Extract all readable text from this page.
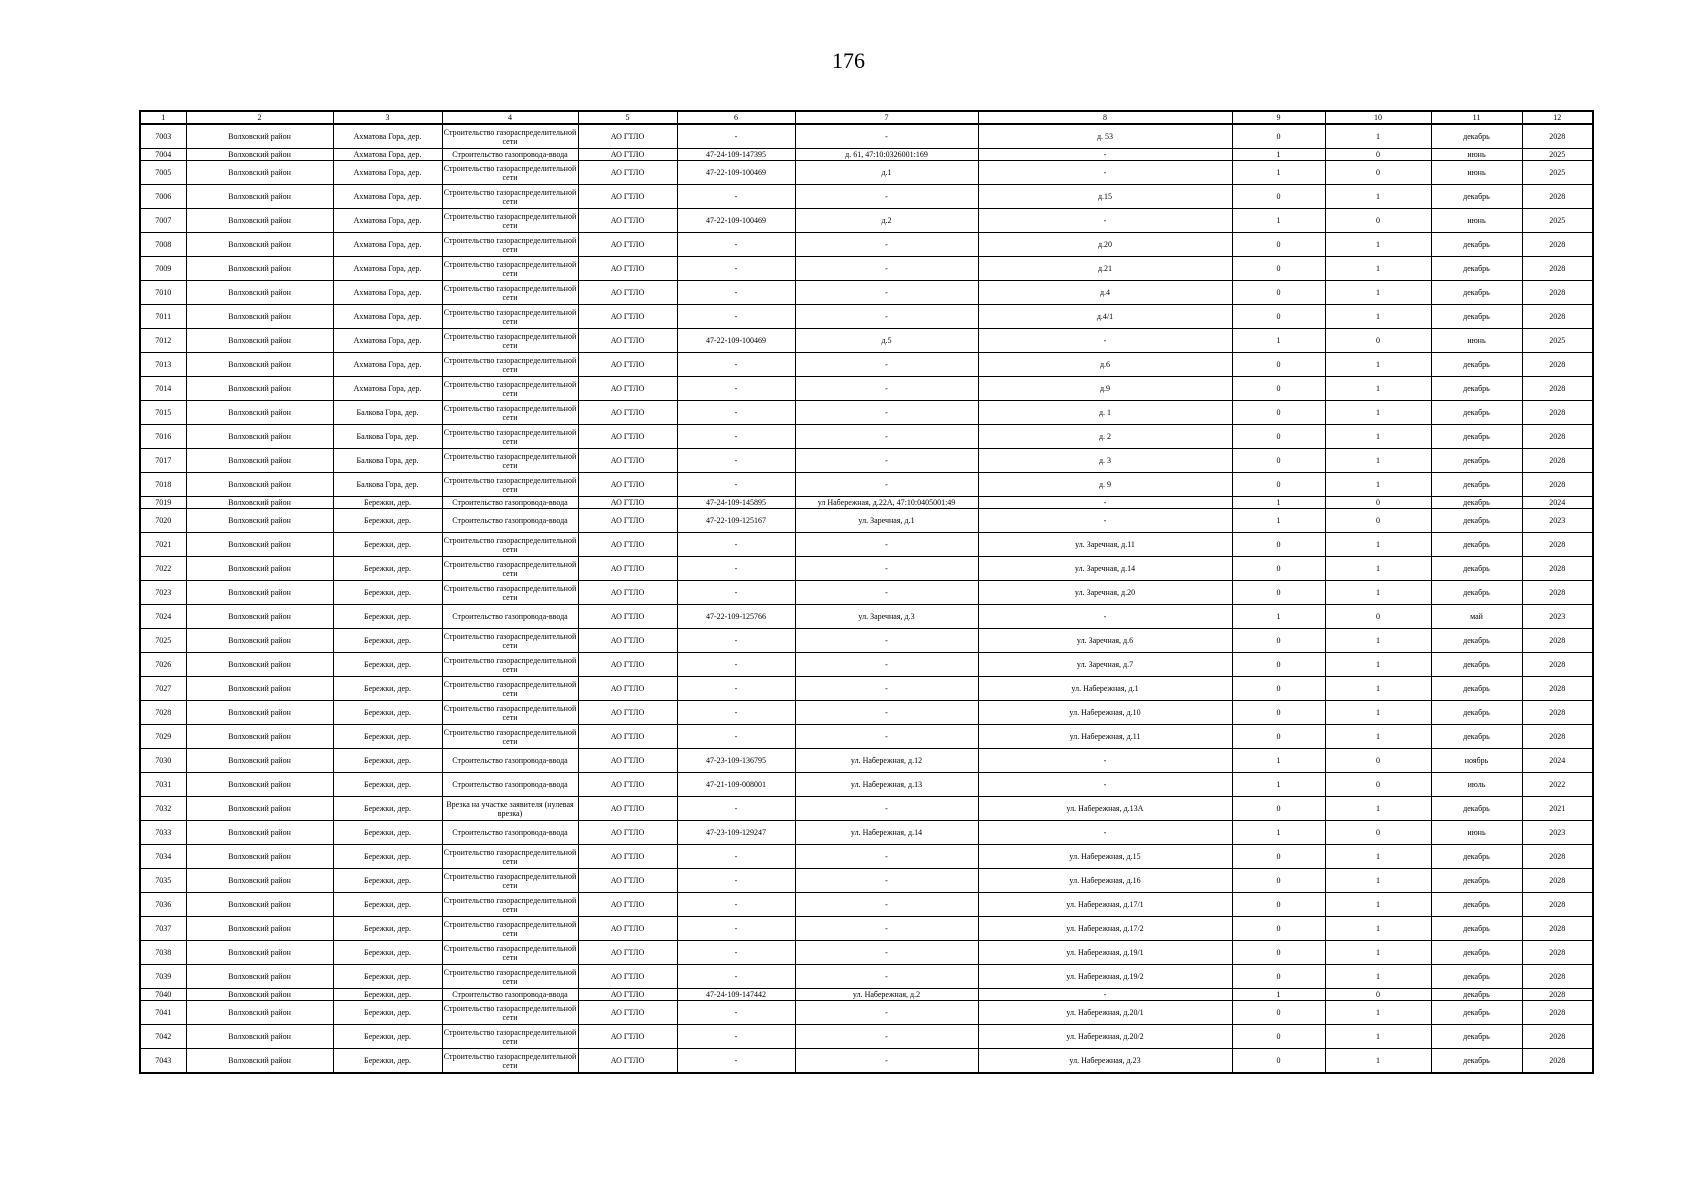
176
1	2	3	4	5	6	7	8	9	10	11	12
7003	Волховский район	Ахматова Гора, дер.	Строительство газораспределительной сети	АО ГТЛО	-	-	д. 53	0	1	декабрь	2028
7004	Волховский район	Ахматова Гора, дер.	Строительство газопровода-ввода	АО ГТЛО	47-24-109-147395	д. 61, 47:10:0326001:169	-	1	0	июнь	2025
7005	Волховский район	Ахматова Гора, дер.	Строительство газораспределительной сети	АО ГТЛО	47-22-109-100469	д.1	-	1	0	июнь	2025
7006	Волховский район	Ахматова Гора, дер.	Строительство газораспределительной сети	АО ГТЛО	-	-	д.15	0	1	декабрь	2028
7007	Волховский район	Ахматова Гора, дер.	Строительство газораспределительной сети	АО ГТЛО	47-22-109-100469	д.2	-	1	0	июнь	2025
7008	Волховский район	Ахматова Гора, дер.	Строительство газораспределительной сети	АО ГТЛО	-	-	д.20	0	1	декабрь	2028
7009	Волховский район	Ахматова Гора, дер.	Строительство газораспределительной сети	АО ГТЛО	-	-	д.21	0	1	декабрь	2028
7010	Волховский район	Ахматова Гора, дер.	Строительство газораспределительной сети	АО ГТЛО	-	-	д.4	0	1	декабрь	2028
7011	Волховский район	Ахматова Гора, дер.	Строительство газораспределительной сети	АО ГТЛО	-	-	д.4/1	0	1	декабрь	2028
7012	Волховский район	Ахматова Гора, дер.	Строительство газораспределительной сети	АО ГТЛО	47-22-109-100469	д.5	-	1	0	июнь	2025
7013	Волховский район	Ахматова Гора, дер.	Строительство газораспределительной сети	АО ГТЛО	-	-	д.6	0	1	декабрь	2028
7014	Волховский район	Ахматова Гора, дер.	Строительство газораспределительной сети	АО ГТЛО	-	-	д.9	0	1	декабрь	2028
7015	Волховский район	Балкова Гора, дер.	Строительство газораспределительной сети	АО ГТЛО	-	-	д. 1	0	1	декабрь	2028
7016	Волховский район	Балкова Гора, дер.	Строительство газораспределительной сети	АО ГТЛО	-	-	д. 2	0	1	декабрь	2028
7017	Волховский район	Балкова Гора, дер.	Строительство газораспределительной сети	АО ГТЛО	-	-	д. 3	0	1	декабрь	2028
7018	Волховский район	Балкова Гора, дер.	Строительство газораспределительной сети	АО ГТЛО	-	-	д. 9	0	1	декабрь	2028
7019	Волховский район	Бережки, дер.	Строительство газопровода-ввода	АО ГТЛО	47-24-109-145895	ул Набережная, д.22А, 47:10:0405001:49	-	1	0	декабрь	2024
7020	Волховский район	Бережки, дер.	Строительство газопровода-ввода	АО ГТЛО	47-22-109-125167	ул. Заречная, д.1	-	1	0	декабрь	2023
7021	Волховский район	Бережки, дер.	Строительство газораспределительной сети	АО ГТЛО	-	-	ул. Заречная, д.11	0	1	декабрь	2028
7022	Волховский район	Бережки, дер.	Строительство газораспределительной сети	АО ГТЛО	-	-	ул. Заречная, д.14	0	1	декабрь	2028
7023	Волховский район	Бережки, дер.	Строительство газораспределительной сети	АО ГТЛО	-	-	ул. Заречная, д.20	0	1	декабрь	2028
7024	Волховский район	Бережки, дер.	Строительство газопровода-ввода	АО ГТЛО	47-22-109-125766	ул. Заречная, д.3	-	1	0	май	2023
7025	Волховский район	Бережки, дер.	Строительство газораспределительной сети	АО ГТЛО	-	-	ул. Заречная, д.6	0	1	декабрь	2028
7026	Волховский район	Бережки, дер.	Строительство газораспределительной сети	АО ГТЛО	-	-	ул. Заречная, д.7	0	1	декабрь	2028
7027	Волховский район	Бережки, дер.	Строительство газораспределительной сети	АО ГТЛО	-	-	ул. Набережная, д.1	0	1	декабрь	2028
7028	Волховский район	Бережки, дер.	Строительство газораспределительной сети	АО ГТЛО	-	-	ул. Набережная, д.10	0	1	декабрь	2028
7029	Волховский район	Бережки, дер.	Строительство газораспределительной сети	АО ГТЛО	-	-	ул. Набережная, д.11	0	1	декабрь	2028
7030	Волховский район	Бережки, дер.	Строительство газопровода-ввода	АО ГТЛО	47-23-109-136795	ул. Набережная, д.12	-	1	0	ноябрь	2024
7031	Волховский район	Бережки, дер.	Строительство газопровода-ввода	АО ГТЛО	47-21-109-008001	ул. Набережная, д.13	-	1	0	июль	2022
7032	Волховский район	Бережки, дер.	Врезка на участке заявителя (нулевая врезка)	АО ГТЛО	-	-	ул. Набережная, д.13А	0	1	декабрь	2021
7033	Волховский район	Бережки, дер.	Строительство газопровода-ввода	АО ГТЛО	47-23-109-129247	ул. Набережная, д.14	-	1	0	июнь	2023
7034	Волховский район	Бережки, дер.	Строительство газораспределительной сети	АО ГТЛО	-	-	ул. Набережная, д.15	0	1	декабрь	2028
7035	Волховский район	Бережки, дер.	Строительство газораспределительной сети	АО ГТЛО	-	-	ул. Набережная, д.16	0	1	декабрь	2028
7036	Волховский район	Бережки, дер.	Строительство газораспределительной сети	АО ГТЛО	-	-	ул. Набережная, д.17/1	0	1	декабрь	2028
7037	Волховский район	Бережки, дер.	Строительство газораспределительной сети	АО ГТЛО	-	-	ул. Набережная, д.17/2	0	1	декабрь	2028
7038	Волховский район	Бережки, дер.	Строительство газораспределительной сети	АО ГТЛО	-	-	ул. Набережная, д.19/1	0	1	декабрь	2028
7039	Волховский район	Бережки, дер.	Строительство газораспределительной сети	АО ГТЛО	-	-	ул. Набережная, д.19/2	0	1	декабрь	2028
7040	Волховский район	Бережки, дер.	Строительство газопровода-ввода	АО ГТЛО	47-24-109-147442	ул. Набережная, д.2	-	1	0	декабрь	2028
7041	Волховский район	Бережки, дер.	Строительство газораспределительной сети	АО ГТЛО	-	-	ул. Набережная, д.20/1	0	1	декабрь	2028
7042	Волховский район	Бережки, дер.	Строительство газораспределительной сети	АО ГТЛО	-	-	ул. Набережная, д.20/2	0	1	декабрь	2028
7043	Волховский район	Бережки, дер.	Строительство газораспределительной сети	АО ГТЛО	-	-	ул. Набережная, д.23	0	1	декабрь	2028
